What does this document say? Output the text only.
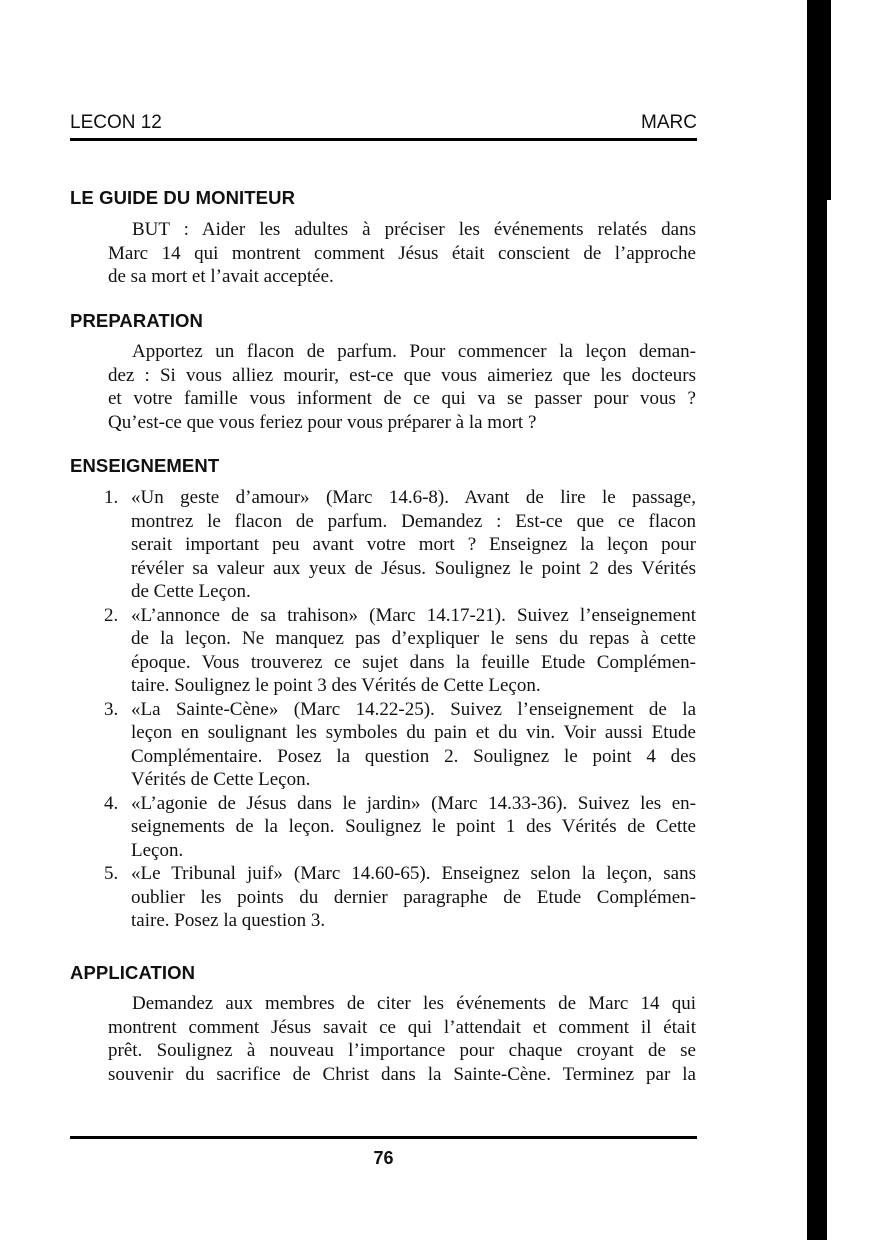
LECON 12	MARC
LE GUIDE DU MONITEUR
BUT : Aider les adultes à préciser les événements relatés dans
Marc 14 qui montrent comment Jésus était conscient de l’approche
de sa mort et l’avait acceptée.
PREPARATION
Apportez un flacon de parfum. Pour commencer la leçon deman-
dez : Si vous alliez mourir, est-ce que vous aimeriez que les docteurs
et votre famille vous informent de ce qui va se passer pour vous ?
Qu’est-ce que vous feriez pour vous préparer à la mort ?
ENSEIGNEMENT
1. «Un geste d’amour» (Marc 14.6-8). Avant de lire le passage,
montrez le flacon de parfum. Demandez : Est-ce que ce flacon
serait important peu avant votre mort ? Enseignez la leçon pour
révéler sa valeur aux yeux de Jésus. Soulignez le point 2 des Vérités
de Cette Leçon.
2. «L’annonce de sa trahison» (Marc 14.17-21). Suivez l’enseignement
de la leçon. Ne manquez pas d’expliquer le sens du repas à cette
époque. Vous trouverez ce sujet dans la feuille Etude Complémen-
taire. Soulignez le point 3 des Vérités de Cette Leçon.
3. «La Sainte-Cène» (Marc 14.22-25). Suivez l’enseignement de la
leçon en soulignant les symboles du pain et du vin. Voir aussi Etude
Complémentaire. Posez la question 2. Soulignez le point 4 des
Vérités de Cette Leçon.
4. «L’agonie de Jésus dans le jardin» (Marc 14.33-36). Suivez les en-
seignements de la leçon. Soulignez le point 1 des Vérités de Cette
Leçon.
5. «Le Tribunal juif» (Marc 14.60-65). Enseignez selon la leçon, sans
oublier les points du dernier paragraphe de Etude Complémen-
taire. Posez la question 3.
APPLICATION
Demandez aux membres de citer les événements de Marc 14 qui
montrent comment Jésus savait ce qui l’attendait et comment il était
prêt. Soulignez à nouveau l’importance pour chaque croyant de se
souvenir du sacrifice de Christ dans la Sainte-Cène. Terminez par la
76
